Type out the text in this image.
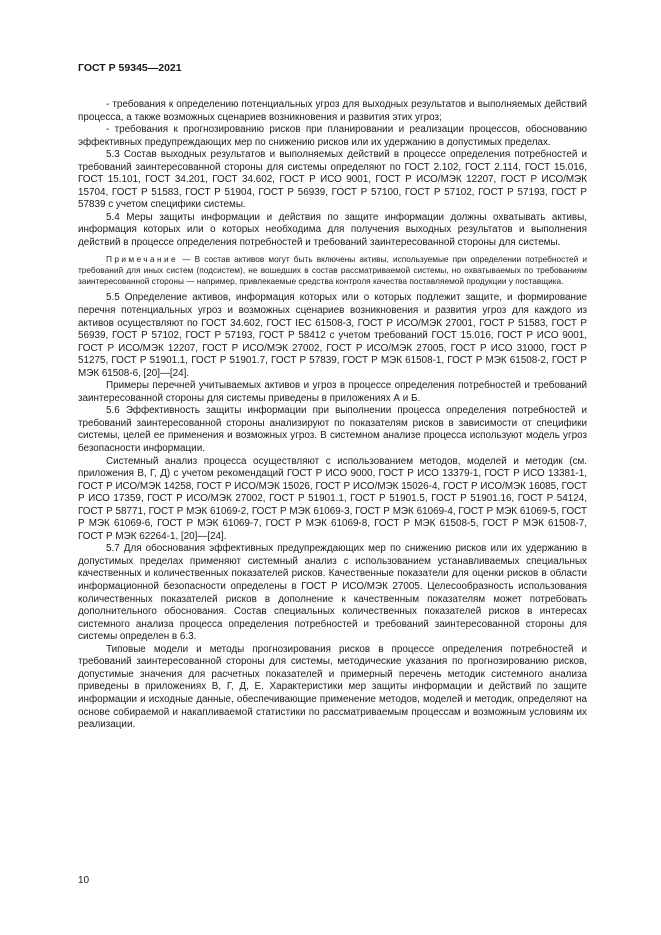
ГОСТ Р 59345—2021

- требования к определению потенциальных угроз для выходных результатов и выполняемых действий процесса, а также возможных сценариев возникновения и развития этих угроз;

- требования к прогнозированию рисков при планировании и реализации процессов, обоснованию эффективных предупреждающих мер по снижению рисков или их удержанию в допустимых пределах.

5.3 Состав выходных результатов и выполняемых действий в процессе определения потребностей и требований заинтересованной стороны для системы определяют по ГОСТ 2.102, ГОСТ 2.114, ГОСТ 15.016, ГОСТ 15.101, ГОСТ 34.201, ГОСТ 34.602, ГОСТ Р ИСО 9001, ГОСТ Р ИСО/МЭК 12207, ГОСТ Р ИСО/МЭК 15704, ГОСТ Р 51583, ГОСТ Р 51904, ГОСТ Р 56939, ГОСТ Р 57100, ГОСТ Р 57102, ГОСТ Р 57193, ГОСТ Р 57839 с учетом специфики системы.

5.4 Меры защиты информации и действия по защите информации должны охватывать активы, информация которых или о которых необходима для получения выходных результатов и выполнения действий в процессе определения потребностей и требований заинтересованной стороны для системы.

Примечание — В состав активов могут быть включены активы, используемые при определении потребностей и требований для иных систем (подсистем), не вошедших в состав рассматриваемой системы, но охватываемых по требованиям заинтересованной стороны — например, привлекаемые средства контроля качества поставляемой продукции у поставщика.

5.5 Определение активов, информация которых или о которых подлежит защите, и формирование перечня потенциальных угроз и возможных сценариев возникновения и развития угроз для каждого из активов осуществляют по ГОСТ 34.602, ГОСТ IEC 61508-3, ГОСТ Р ИСО/МЭК 27001, ГОСТ Р 51583, ГОСТ Р 56939, ГОСТ Р 57102, ГОСТ Р 57193, ГОСТ Р 58412 с учетом требований ГОСТ 15.016, ГОСТ Р ИСО 9001, ГОСТ Р ИСО/МЭК 12207, ГОСТ Р ИСО/МЭК 27002, ГОСТ Р ИСО/МЭК 27005, ГОСТ Р ИСО 31000, ГОСТ Р 51275, ГОСТ Р 51901.1, ГОСТ Р 51901.7, ГОСТ Р 57839, ГОСТ Р МЭК 61508-1, ГОСТ Р МЭК 61508-2, ГОСТ Р МЭК 61508-6, [20]—[24].

Примеры перечней учитываемых активов и угроз в процессе определения потребностей и требований заинтересованной стороны для системы приведены в приложениях А и Б.

5.6 Эффективность защиты информации при выполнении процесса определения потребностей и требований заинтересованной стороны анализируют по показателям рисков в зависимости от специфики системы, целей ее применения и возможных угроз. В системном анализе процесса используют модель угроз безопасности информации.

Системный анализ процесса осуществляют с использованием методов, моделей и методик (см. приложения В, Г, Д) с учетом рекомендаций ГОСТ Р ИСО 9000, ГОСТ Р ИСО 13379-1, ГОСТ Р ИСО 13381-1, ГОСТ Р ИСО/МЭК 14258, ГОСТ Р ИСО/МЭК 15026, ГОСТ Р ИСО/МЭК 15026-4, ГОСТ Р ИСО/МЭК 16085, ГОСТ Р ИСО 17359, ГОСТ Р ИСО/МЭК 27002, ГОСТ Р 51901.1, ГОСТ Р 51901.5, ГОСТ Р 51901.16, ГОСТ Р 54124, ГОСТ Р 58771, ГОСТ Р МЭК 61069-2, ГОСТ Р МЭК 61069-3, ГОСТ Р МЭК 61069-4, ГОСТ Р МЭК 61069-5, ГОСТ Р МЭК 61069-6, ГОСТ Р МЭК 61069-7, ГОСТ Р МЭК 61069-8, ГОСТ Р МЭК 61508-5, ГОСТ Р МЭК 61508-7, ГОСТ Р МЭК 62264-1, [20]—[24].

5.7 Для обоснования эффективных предупреждающих мер по снижению рисков или их удержанию в допустимых пределах применяют системный анализ с использованием устанавливаемых специальных качественных и количественных показателей рисков. Качественные показатели для оценки рисков в области информационной безопасности определены в ГОСТ Р ИСО/МЭК 27005. Целесообразность использования количественных показателей рисков в дополнение к качественным показателям может потребовать дополнительного обоснования. Состав специальных количественных показателей рисков в интересах системного анализа процесса определения потребностей и требований заинтересованной стороны для системы определен в 6.3.

Типовые модели и методы прогнозирования рисков в процессе определения потребностей и требований заинтересованной стороны для системы, методические указания по прогнозированию рисков, допустимые значения для расчетных показателей и примерный перечень методик системного анализа приведены в приложениях В, Г, Д, Е. Характеристики мер защиты информации и действий по защите информации и исходные данные, обеспечивающие применение методов, моделей и методик, определяют на основе собираемой и накапливаемой статистики по рассматриваемым процессам и возможным условиям их реализации.

10
